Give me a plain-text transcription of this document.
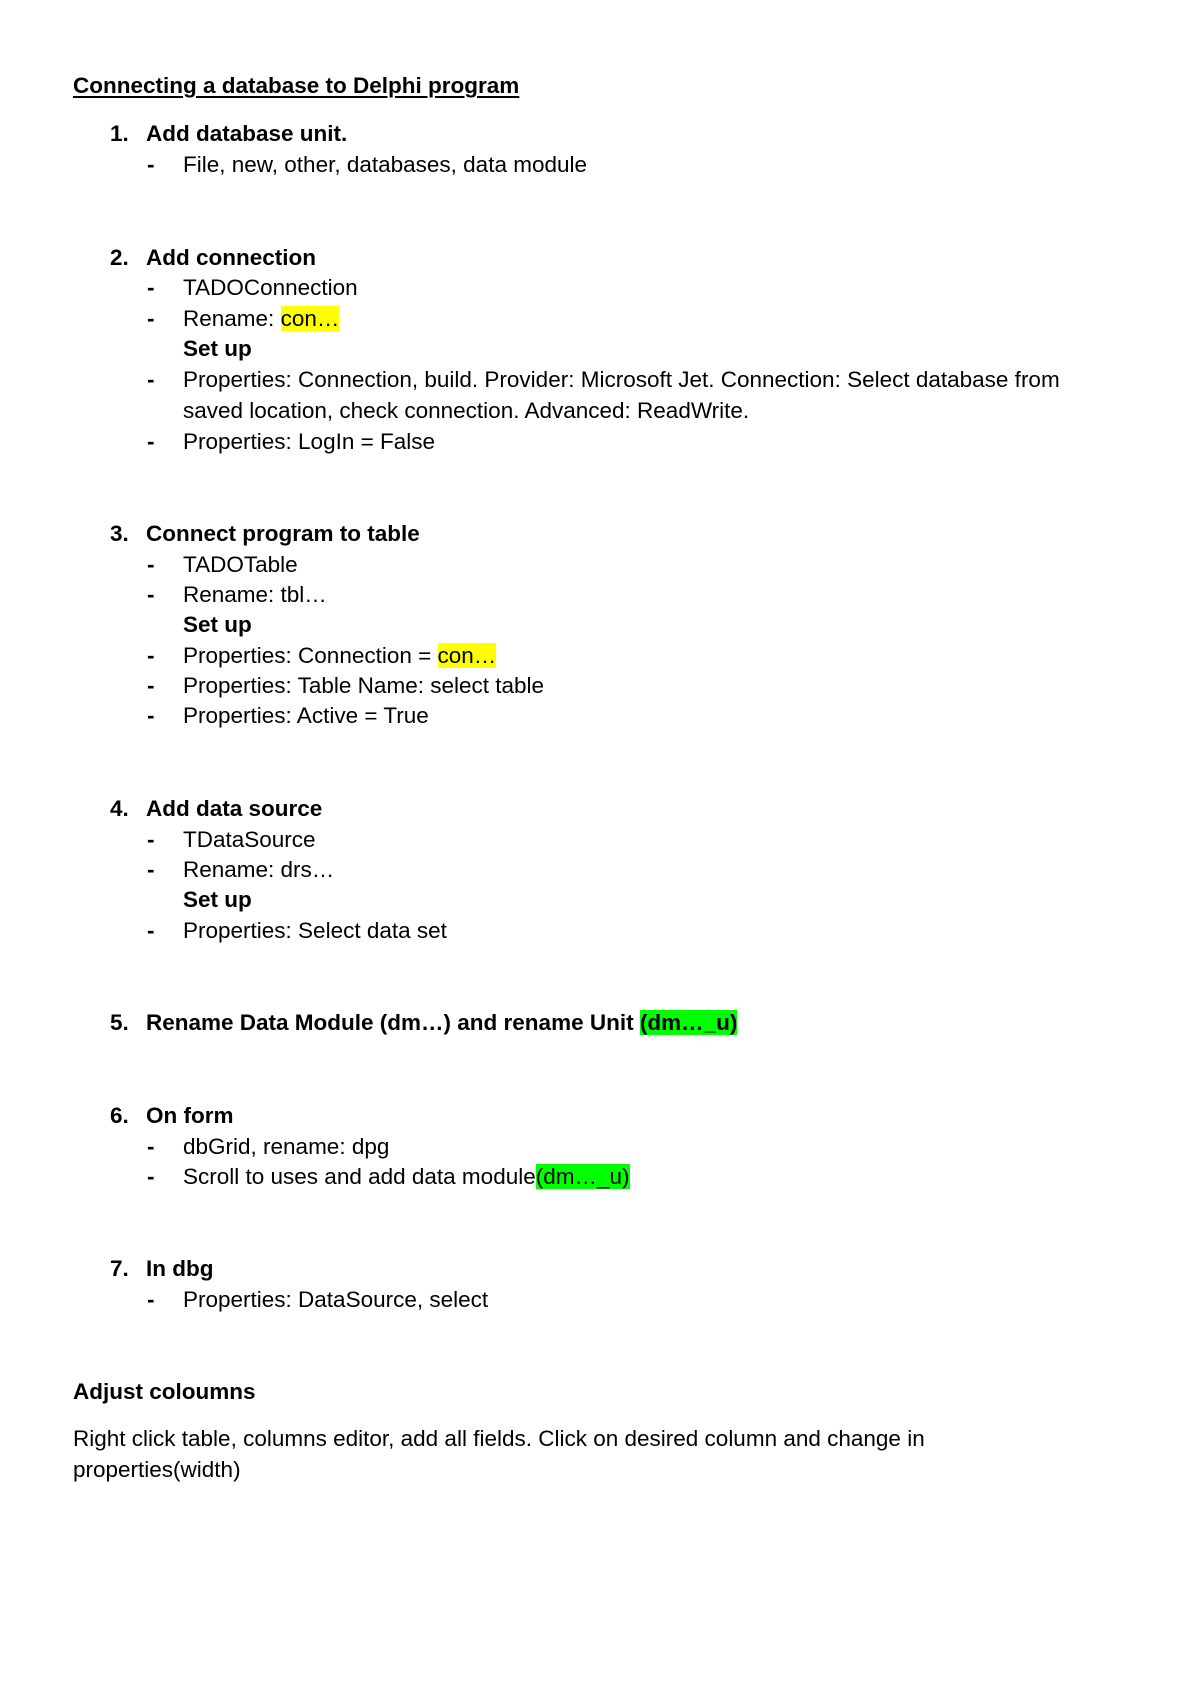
Connecting a database to Delphi program
1. Add database unit.
- File, new, other, databases, data module
2. Add connection
- TADOConnection
- Rename: con…
Set up
- Properties: Connection, build. Provider: Microsoft Jet. Connection: Select database from
saved location, check connection. Advanced: ReadWrite.
- Properties: LogIn = False
3. Connect program to table
- TADOTable
- Rename: tbl…
Set up
- Properties: Connection = con…
- Properties: Table Name: select table
- Properties: Active = True
4. Add data source
- TDataSource
- Rename: drs…
Set up
- Properties: Select data set
5. Rename Data Module (dm…) and rename Unit (dm…_u)
6. On form
- dbGrid, rename: dpg
- Scroll to uses and add data module(dm…_u)
7. In dbg
- Properties: DataSource, select
Adjust coloumns
Right click table, columns editor, add all fields. Click on desired column and change in
properties(width)
